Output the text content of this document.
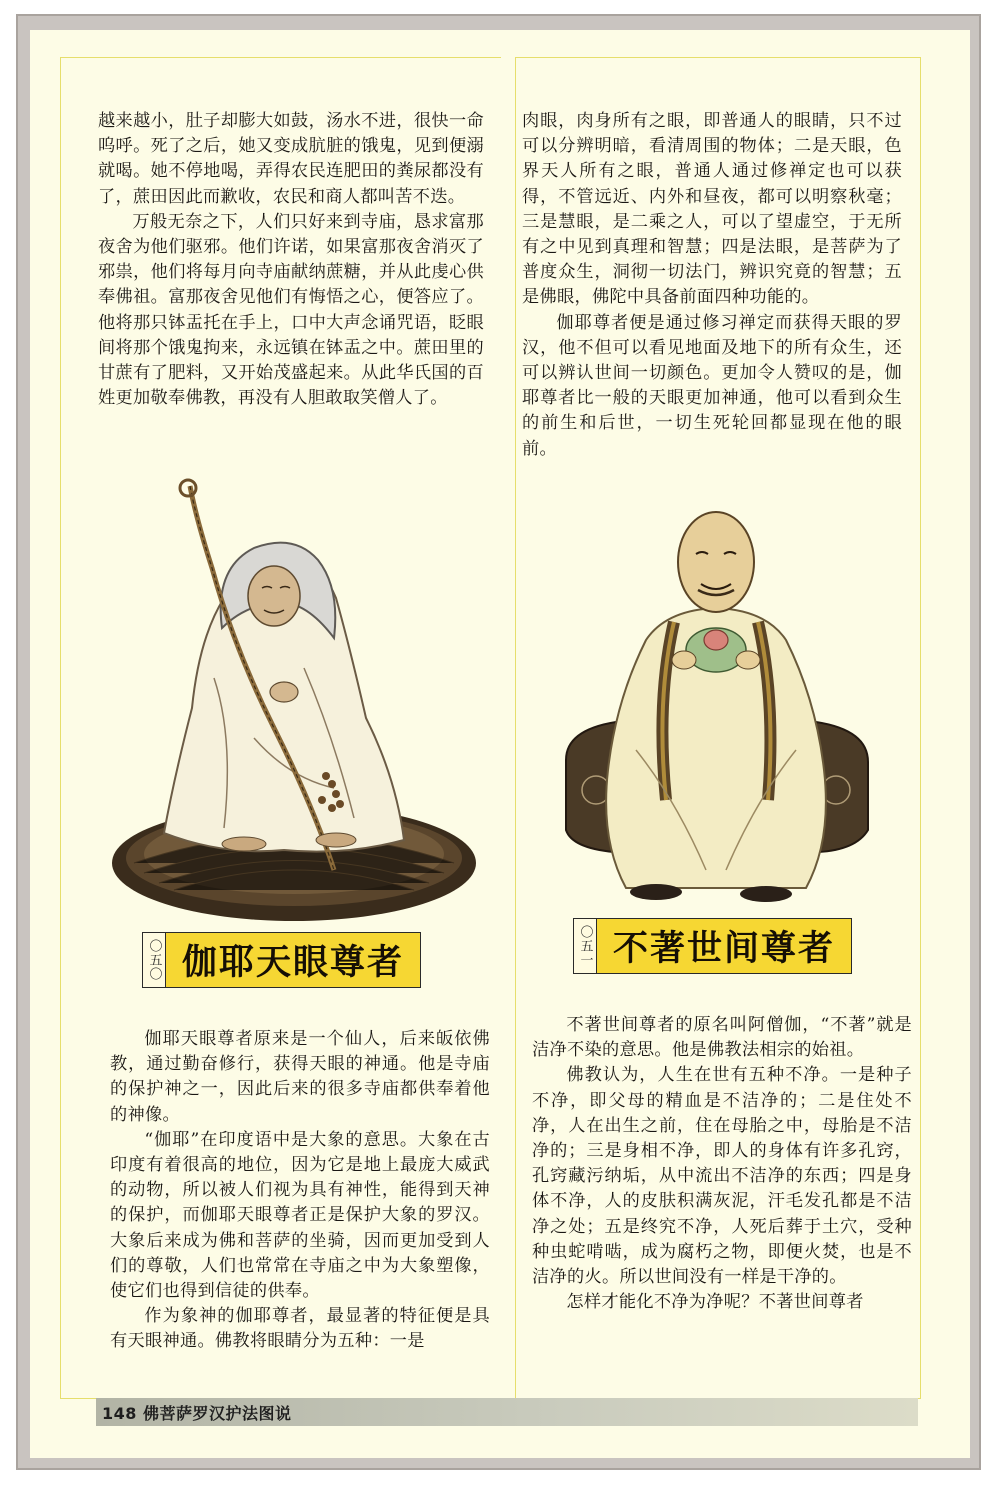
越来越小，肚子却膨大如鼓，汤水不进，很快一命呜呼。死了之后，她又变成肮脏的饿鬼，见到便溺就喝。她不停地喝，弄得农民连肥田的粪尿都没有了，蔗田因此而歉收，农民和商人都叫苦不迭。

万般无奈之下，人们只好来到寺庙，恳求富那夜舍为他们驱邪。他们许诺，如果富那夜舍消灭了邪祟，他们将每月向寺庙献纳蔗糖，并从此虔心供奉佛祖。富那夜舍见他们有悔悟之心，便答应了。他将那只钵盂托在手上，口中大声念诵咒语，眨眼间将那个饿鬼拘来，永远镇在钵盂之中。蔗田里的甘蔗有了肥料，又开始茂盛起来。从此华氏国的百姓更加敬奉佛教，再没有人胆敢取笑僧人了。

〇五〇 伽耶天眼尊者

伽耶天眼尊者原来是一个仙人，后来皈依佛教，通过勤奋修行，获得天眼的神通。他是寺庙的保护神之一，因此后来的很多寺庙都供奉着他的神像。

“伽耶”在印度语中是大象的意思。大象在古印度有着很高的地位，因为它是地上最庞大威武的动物，所以被人们视为具有神性，能得到天神的保护，而伽耶天眼尊者正是保护大象的罗汉。大象后来成为佛和菩萨的坐骑，因而更加受到人们的尊敬，人们也常常在寺庙之中为大象塑像，使它们也得到信徒的供奉。

作为象神的伽耶尊者，最显著的特征便是具有天眼神通。佛教将眼睛分为五种：一是

肉眼，肉身所有之眼，即普通人的眼睛，只不过可以分辨明暗，看清周围的物体；二是天眼，色界天人所有之眼，普通人通过修禅定也可以获得，不管远近、内外和昼夜，都可以明察秋毫；三是慧眼，是二乘之人，可以了望虚空，于无所有之中见到真理和智慧；四是法眼，是菩萨为了普度众生，洞彻一切法门，辨识究竟的智慧；五是佛眼，佛陀中具备前面四种功能的。

伽耶尊者便是通过修习禅定而获得天眼的罗汉，他不但可以看见地面及地下的所有众生，还可以辨认世间一切颜色。更加令人赞叹的是，伽耶尊者比一般的天眼更加神通，他可以看到众生的前生和后世，一切生死轮回都显现在他的眼前。

〇五一 不著世间尊者

不著世间尊者的原名叫阿僧伽，“不著”就是洁净不染的意思。他是佛教法相宗的始祖。

佛教认为，人生在世有五种不净。一是种子不净，即父母的精血是不洁净的；二是住处不净，人在出生之前，住在母胎之中，母胎是不洁净的；三是身相不净，即人的身体有许多孔窍，孔窍藏污纳垢，从中流出不洁净的东西；四是身体不净，人的皮肤积满灰泥，汗毛发孔都是不洁净之处；五是终究不净，人死后葬于土穴，受种种虫蛇啃啮，成为腐朽之物，即便火焚，也是不洁净的火。所以世间没有一样是干净的。

怎样才能化不净为净呢？不著世间尊者

148 佛菩萨罗汉护法图说
